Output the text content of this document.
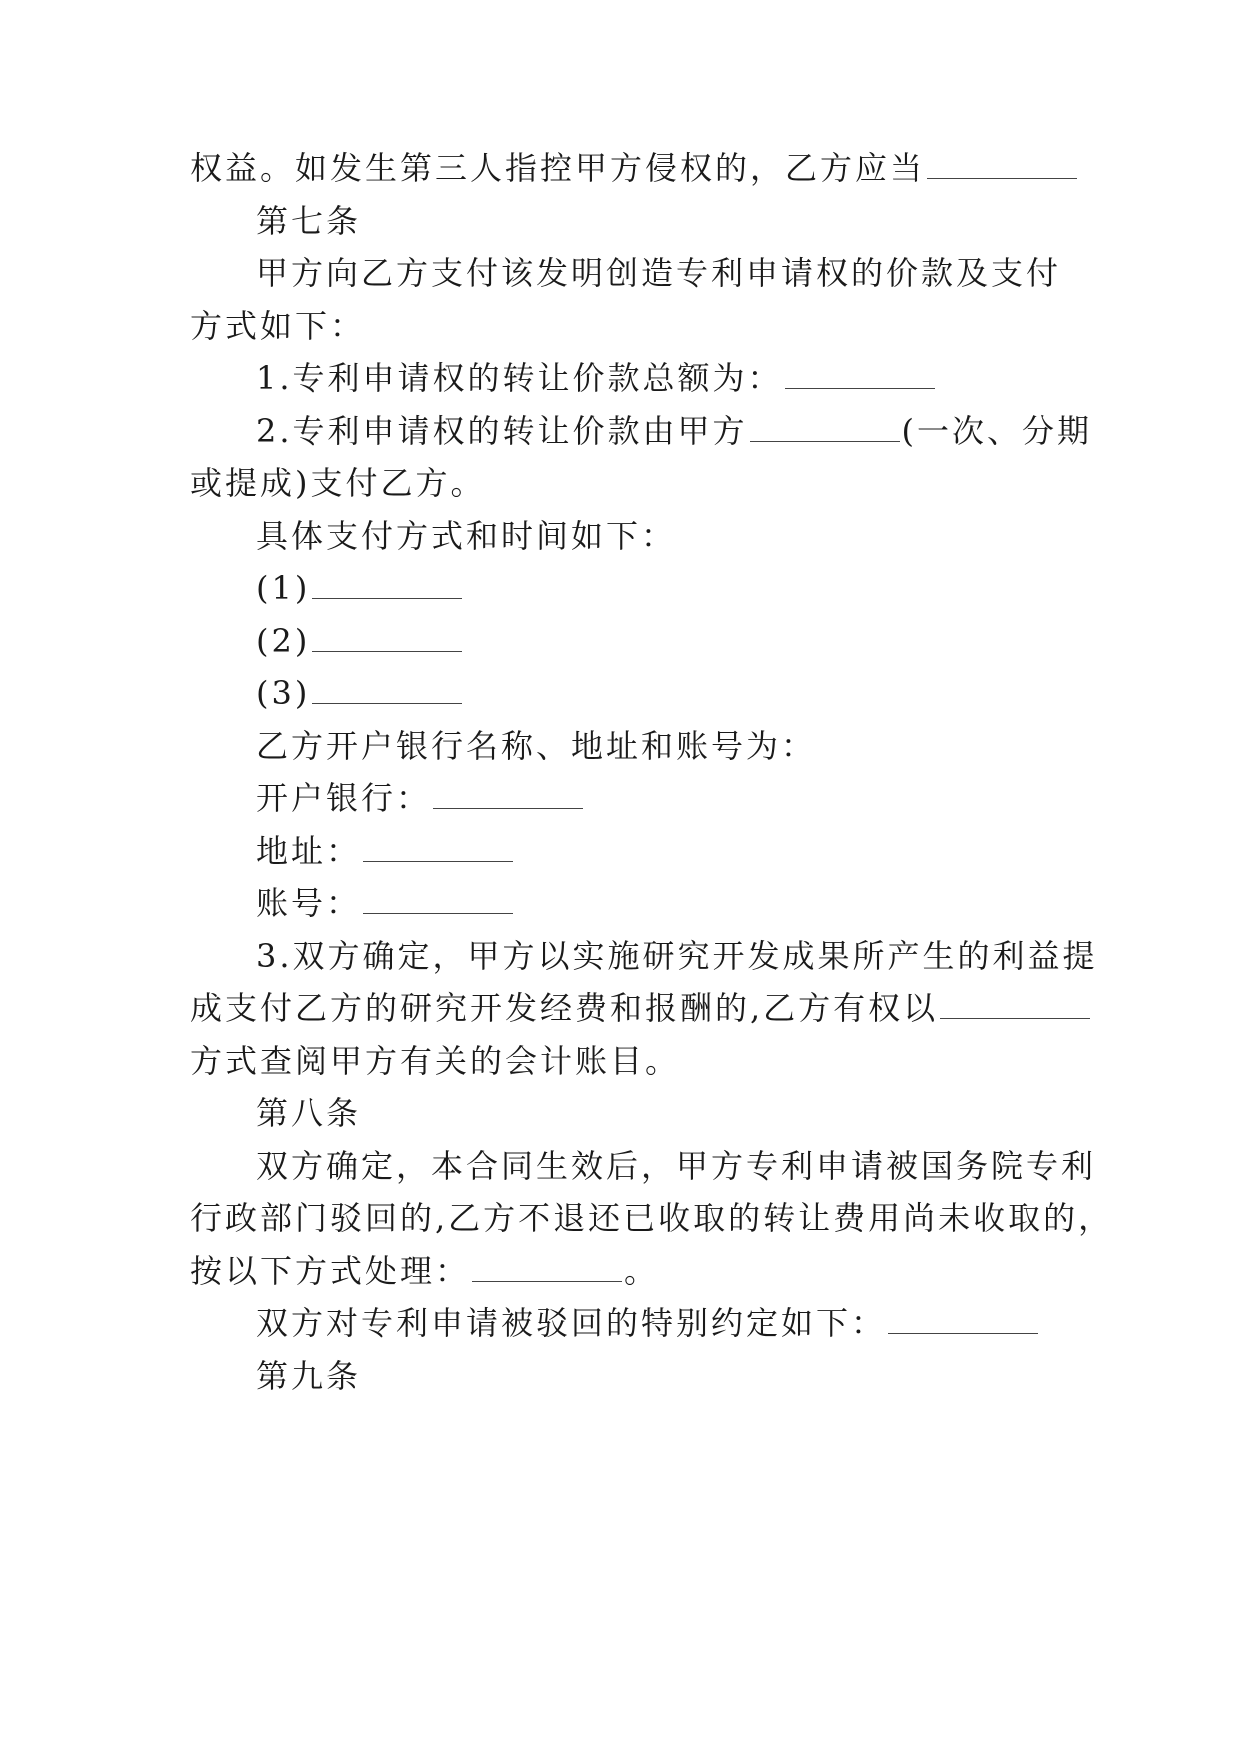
权益。如发生第三人指控甲方侵权的，乙方应当
第七条
甲方向乙方支付该发明创造专利申请权的价款及支付
方式如下：
1.专利申请权的转让价款总额为：
2.专利申请权的转让价款由甲方	(一次、分期
或提成)支付乙方。
具体支付方式和时间如下：
(1)
(2)
(3)
乙方开户银行名称、地址和账号为：
开户银行：
地址：
账号：
3.双方确定，甲方以实施研究开发成果所产生的利益提
成支付乙方的研究开发经费和报酬的,乙方有权以
方式查阅甲方有关的会计账目。
第八条
双方确定，本合同生效后，甲方专利申请被国务院专利
行政部门驳回的,乙方不退还已收取的转让费用尚未收取的，
按以下方式处理：	。
双方对专利申请被驳回的特别约定如下：
第九条
